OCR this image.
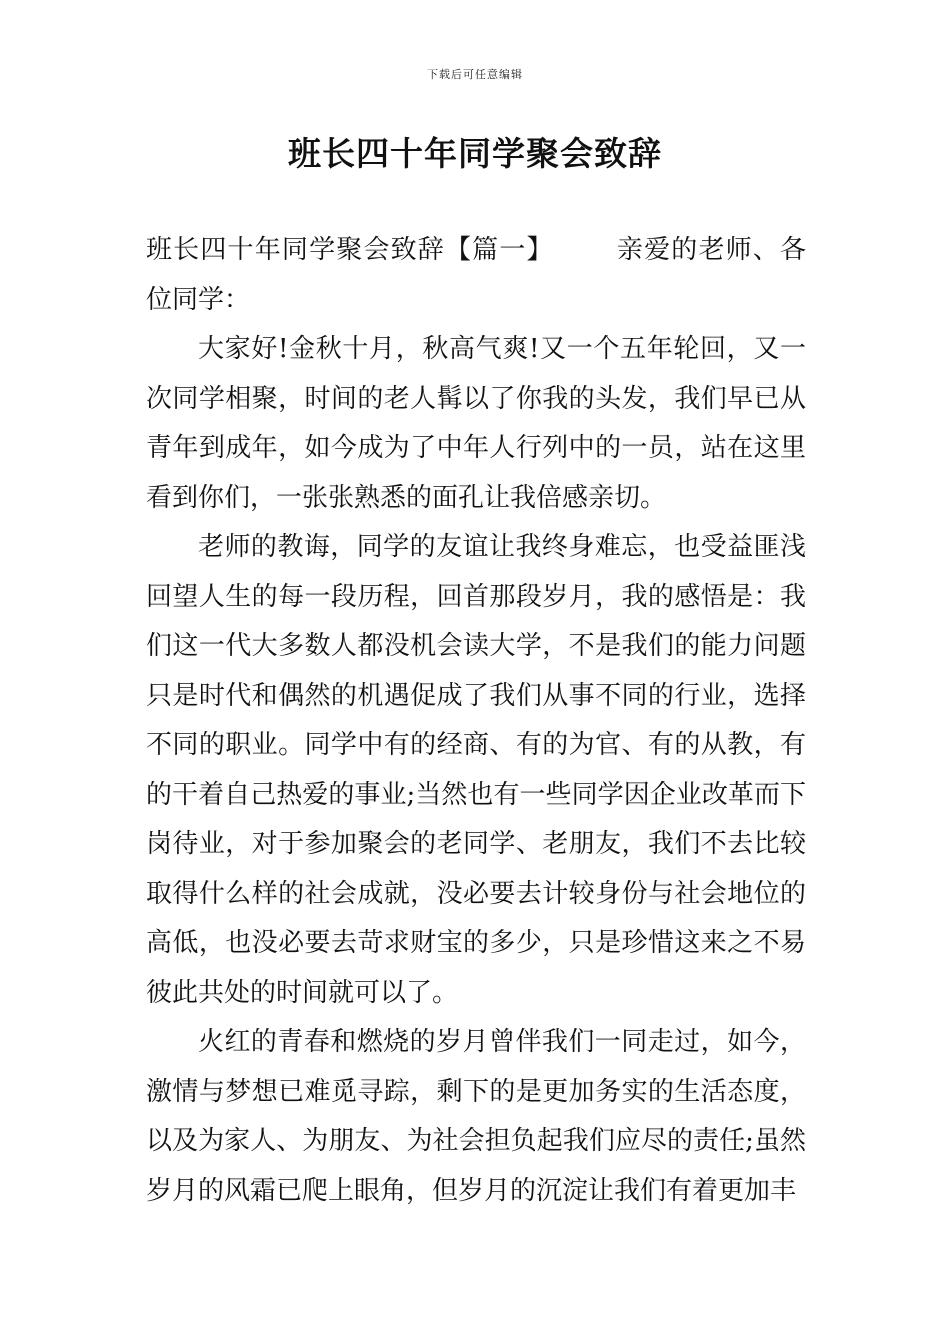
下载后可任意编辑
班长四十年同学聚会致辞

班长四十年同学聚会致辞【篇一】 亲爱的老师、各位同学：

大家好!金秋十月，秋高气爽!又一个五年轮回，又一次同学相聚，时间的老人髯以了你我的头发，我们早已从青年到成年，如今成为了中年人行列中的一员，站在这里看到你们，一张张熟悉的面孔让我倍感亲切。

老师的教诲，同学的友谊让我终身难忘，也受益匪浅回望人生的每一段历程，回首那段岁月，我的感悟是：我们这一代大多数人都没机会读大学，不是我们的能力问题只是时代和偶然的机遇促成了我们从事不同的行业，选择不同的职业。同学中有的经商、有的为官、有的从教，有的干着自己热爱的事业;当然也有一些同学因企业改革而下岗待业，对于参加聚会的老同学、老朋友，我们不去比较取得什么样的社会成就，没必要去计较身份与社会地位的高低，也没必要去苛求财宝的多少，只是珍惜这来之不易彼此共处的时间就可以了。

火红的青春和燃烧的岁月曾伴我们一同走过，如今，激情与梦想已难觅寻踪，剩下的是更加务实的生活态度，以及为家人、为朋友、为社会担负起我们应尽的责任;虽然岁月的风霜已爬上眼角，但岁月的沉淀让我们有着更加丰
